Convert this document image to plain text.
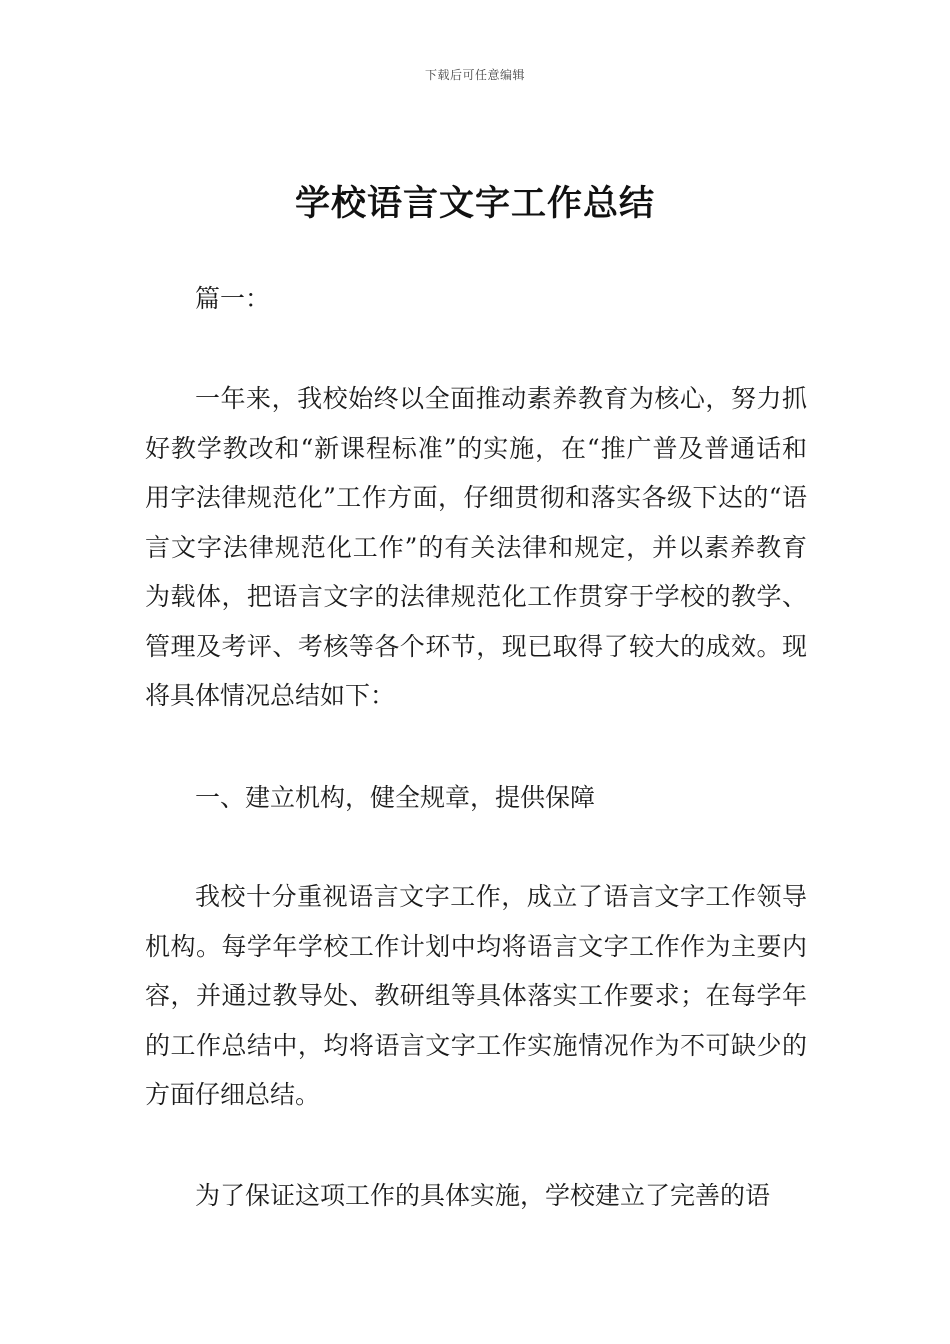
下载后可任意编辑
学校语言文字工作总结

篇一：

一年来，我校始终以全面推动素养教育为核心，努力抓好教学教改和“新课程标准”的实施，在“推广普及普通话和用字法律规范化”工作方面，仔细贯彻和落实各级下达的“语言文字法律规范化工作”的有关法律和规定，并以素养教育为载体，把语言文字的法律规范化工作贯穿于学校的教学、管理及考评、考核等各个环节，现已取得了较大的成效。现将具体情况总结如下：

一、建立机构，健全规章，提供保障

我校十分重视语言文字工作，成立了语言文字工作领导机构。每学年学校工作计划中均将语言文字工作作为主要内容，并通过教导处、教研组等具体落实工作要求；在每学年的工作总结中，均将语言文字工作实施情况作为不可缺少的方面仔细总结。

为了保证这项工作的具体实施，学校建立了完善的语
